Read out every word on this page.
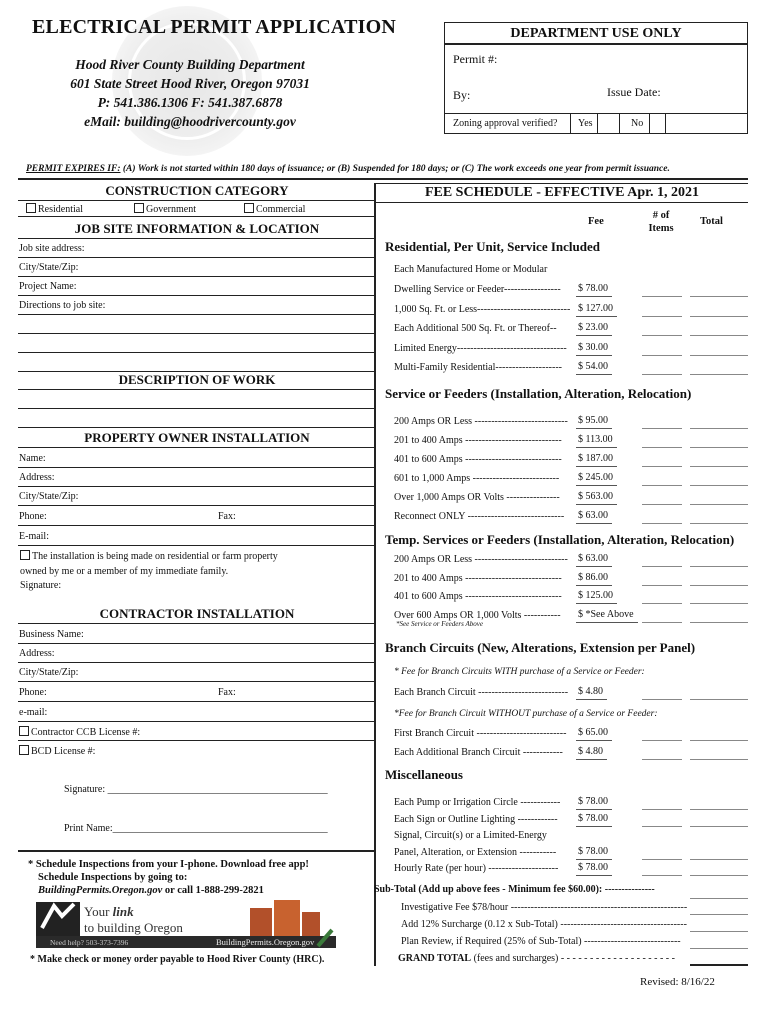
ELECTRICAL PERMIT APPLICATION
Hood River County Building Department
601 State Street Hood River, Oregon 97031
P: 541.386.1306 F: 541.387.6878
eMail: building@hoodrivercounty.gov
DEPARTMENT USE ONLY
Permit #:
By:	Issue Date:
Zoning approval verified? Yes	No
PERMIT EXPIRES IF: (A) Work is not started within 180 days of issuance; or (B) Suspended for 180 days; or (C) The work exceeds one year from permit issuance.
CONSTRUCTION CATEGORY
Residential	Government	Commercial
JOB SITE INFORMATION & LOCATION
Job site address:
City/State/Zip:
Project Name:
Directions to job site:
DESCRIPTION OF WORK
PROPERTY OWNER INSTALLATION
Name:
Address:
City/State/Zip:
Phone:	Fax:
E-mail:
The installation is being made on residential or farm property
owned by me or a member of my immediate family.
Signature:
CONTRACTOR INSTALLATION
Business Name:
Address:
City/State/Zip:
Phone:	Fax:
e-mail:
Contractor CCB License #:
BCD License #:
Signature: ____________________________________________
Print Name:___________________________________________
* Schedule Inspections from your I-phone. Download free app!
Schedule Inspections by going to:
BuildingPermits.Oregon.gov or call 1-888-299-2821
Your link
to building Oregon
BuildingPermits.Oregon.gov
Need help? 503-373-7396
* Make check or money order payable to Hood River County (HRC).
FEE SCHEDULE - EFFECTIVE Apr. 1, 2021
Fee
# of
Items
Total
Residential, Per Unit, Service Included
Each Manufactured Home or Modular
Dwelling Service or Feeder----------------- $ 78.00
1,000 Sq. Ft. or Less---------------------------- $ 127.00
Each Additional 500 Sq. Ft. or Thereof-- $ 23.00
Limited Energy--------------------------------- $ 30.00
Multi-Family Residential-------------------- $ 54.00
Service or Feeders (Installation, Alteration, Relocation)
200 Amps OR Less ---------------------------- $ 95.00
201 to 400 Amps ----------------------------- $ 113.00
401 to 600 Amps ----------------------------- $ 187.00
601 to 1,000 Amps -------------------------- $ 245.00
Over 1,000 Amps OR Volts ---------------- $ 563.00
Reconnect ONLY ----------------------------- $ 63.00
Temp. Services or Feeders (Installation, Alteration, Relocation)
200 Amps OR Less ---------------------------- $ 63.00
201 to 400 Amps ----------------------------- $ 86.00
401 to 600 Amps ----------------------------- $ 125.00
Over 600 Amps OR 1,000 Volts ----------- $ *See Above
*See Service or Feeders Above
Branch Circuits (New, Alterations, Extension per Panel)
* Fee for Branch Circuits WITH purchase of a Service or Feeder:
Each Branch Circuit --------------------------- $ 4.80
*Fee for Branch Circuit WITHOUT purchase of a Service or Feeder:
First Branch Circuit --------------------------- $ 65.00
Each Additional Branch Circuit ------------ $ 4.80
Miscellaneous
Each Pump or Irrigation Circle ------------ $ 78.00
Each Sign or Outline Lighting ------------ $ 78.00
Signal, Circuit(s) or a Limited-Energy
Panel, Alteration, or Extension ----------- $ 78.00
Hourly Rate (per hour) --------------------- $ 78.00
Sub-Total (Add up above fees - Minimum fee $60.00): ---------------
Investigative Fee $78/hour -----------------------------------------------------
Add 12% Surcharge (0.12 x Sub-Total) --------------------------------------
Plan Review, if Required (25% of Sub-Total) -----------------------------
GRAND TOTAL (fees and surcharges) - - - - - - - - - - - - - - - - - - - -
Revised: 8/16/22
